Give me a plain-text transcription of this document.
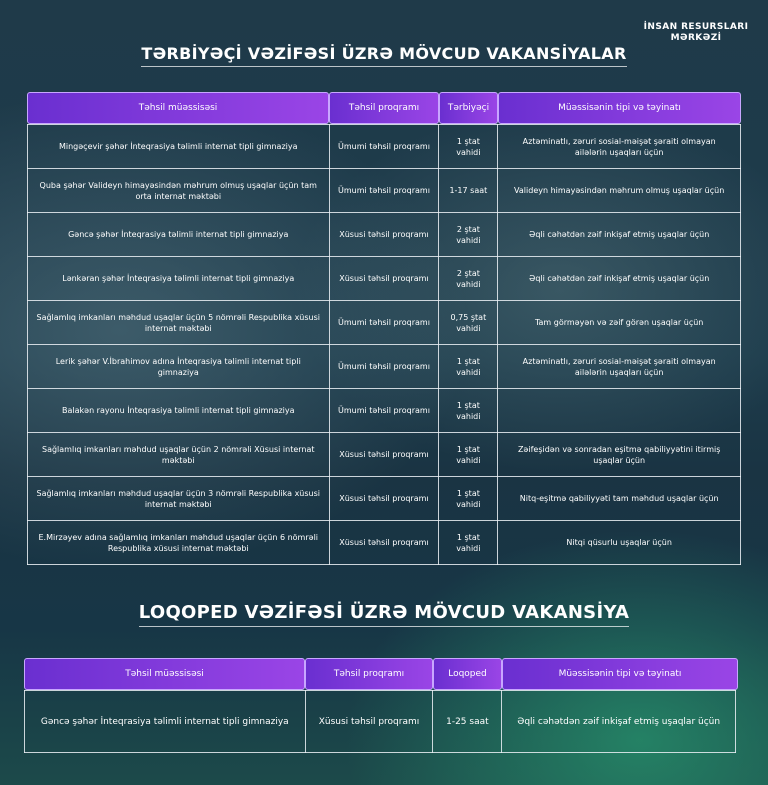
İNSAN RESURSLARI
MƏRKƏZİ
TƏRBİYƏÇİ VƏZİFƏSİ ÜZRƏ MÖVCUD VAKANSİYALAR
Təhsil müəssisəsi	Təhsil proqramı	Tərbiyəçi	Müəssisənin tipi və təyinatı
Mingəçevir şəhər İnteqrasiya təlimli internat tipli gimnaziya	Ümumi təhsil proqramı	1 ştat vahidi	Aztəminatlı, zəruri sosial-məişət şəraiti olmayan ailələrin uşaqları üçün
Quba şəhər Valideyn himayəsindən məhrum olmuş uşaqlar üçün tam orta internat məktəbi	Ümumi təhsil proqramı	1-17 saat	Valideyn himayəsindən məhrum olmuş uşaqlar üçün
Gəncə şəhər İnteqrasiya təlimli internat tipli gimnaziya	Xüsusi təhsil proqramı	2 ştat vahidi	Əqli cəhətdən zəif inkişaf etmiş uşaqlar üçün
Lənkəran şəhər İnteqrasiya təlimli internat tipli gimnaziya	Xüsusi təhsil proqramı	2 ştat vahidi	Əqli cəhətdən zəif inkişaf etmiş uşaqlar üçün
Sağlamlıq imkanları məhdud uşaqlar üçün 5 nömrəli Respublika xüsusi internat məktəbi	Ümumi təhsil proqramı	0,75 ştat vahidi	Tam görməyən və zəif görən uşaqlar üçün
Lerik şəhər V.İbrahimov adına İnteqrasiya təlimli internat tipli gimnaziya	Ümumi təhsil proqramı	1 ştat vahidi	Aztəminatlı, zəruri sosial-məişət şəraiti olmayan ailələrin uşaqları üçün
Balakən rayonu İnteqrasiya təlimli internat tipli gimnaziya	Ümumi təhsil proqramı	1 ştat vahidi	
Sağlamlıq imkanları məhdud uşaqlar üçün 2 nömrəli Xüsusi internat məktəbi	Xüsusi təhsil proqramı	1 ştat vahidi	Zəifeşidən və sonradan eşitmə qabiliyyətini itirmiş uşaqlar üçün
Sağlamlıq imkanları məhdud uşaqlar üçün 3 nömrəli Respublika xüsusi internat məktəbi	Xüsusi təhsil proqramı	1 ştat vahidi	Nitq-eşitmə qabiliyyəti tam məhdud uşaqlar üçün
E.Mirzəyev adına sağlamlıq imkanları məhdud uşaqlar üçün 6 nömrəli Respublika xüsusi internat məktəbi	Xüsusi təhsil proqramı	1 ştat vahidi	Nitqi qüsurlu uşaqlar üçün
LOQOPED VƏZİFƏSİ ÜZRƏ MÖVCUD VAKANSİYA
Təhsil müəssisəsi	Təhsil proqramı	Loqoped	Müəssisənin tipi və təyinatı
Gəncə şəhər İnteqrasiya təlimli internat tipli gimnaziya	Xüsusi təhsil proqramı	1-25 saat	Əqli cəhətdən zəif inkişaf etmiş uşaqlar üçün
